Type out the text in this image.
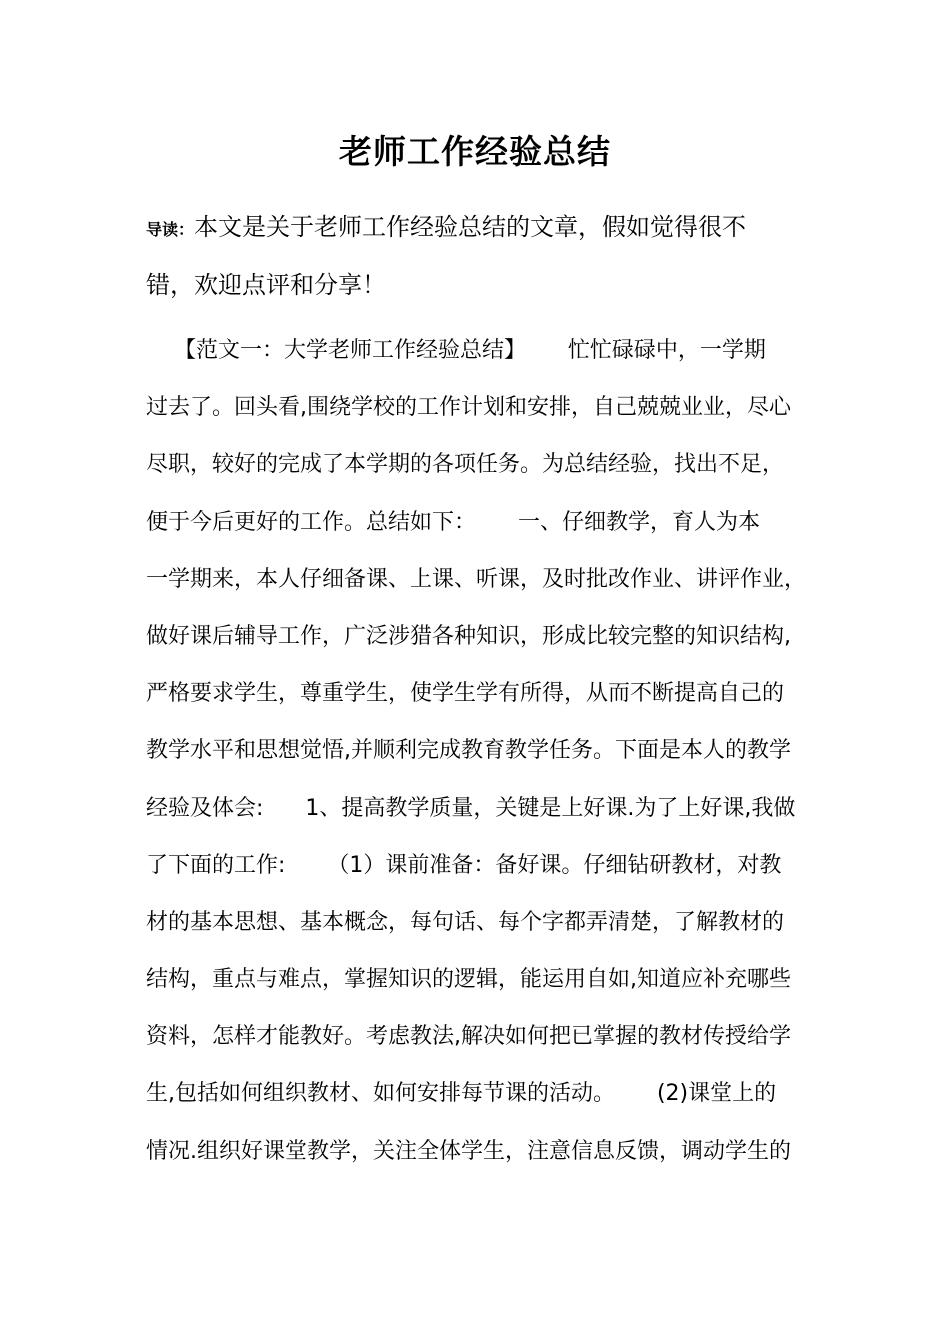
老师工作经验总结
导读：本文是关于老师工作经验总结的文章，假如觉得很不
错，欢迎点评和分享！
【范文一：大学老师工作经验总结】      忙忙碌碌中，一学期
过去了。回头看,围绕学校的工作计划和安排，自己兢兢业业，尽心
尽职，较好的完成了本学期的各项任务。为总结经验，找出不足，
便于今后更好的工作。总结如下：      一、仔细教学，育人为本
一学期来，本人仔细备课、上课、听课，及时批改作业、讲评作业，
做好课后辅导工作，广泛涉猎各种知识，形成比较完整的知识结构,
严格要求学生，尊重学生，使学生学有所得，从而不断提高自己的
教学水平和思想觉悟,并顺利完成教育教学任务。下面是本人的教学
经验及体会:      1、提高教学质量，关键是上好课.为了上好课,我做
了下面的工作:      （1）课前准备：备好课。仔细钻研教材，对教
材的基本思想、基本概念，每句话、每个字都弄清楚，了解教材的
结构，重点与难点，掌握知识的逻辑，能运用自如,知道应补充哪些
资料，怎样才能教好。考虑教法,解决如何把已掌握的教材传授给学
生,包括如何组织教材、如何安排每节课的活动。      (2)课堂上的
情况.组织好课堂教学，关注全体学生，注意信息反馈，调动学生的
